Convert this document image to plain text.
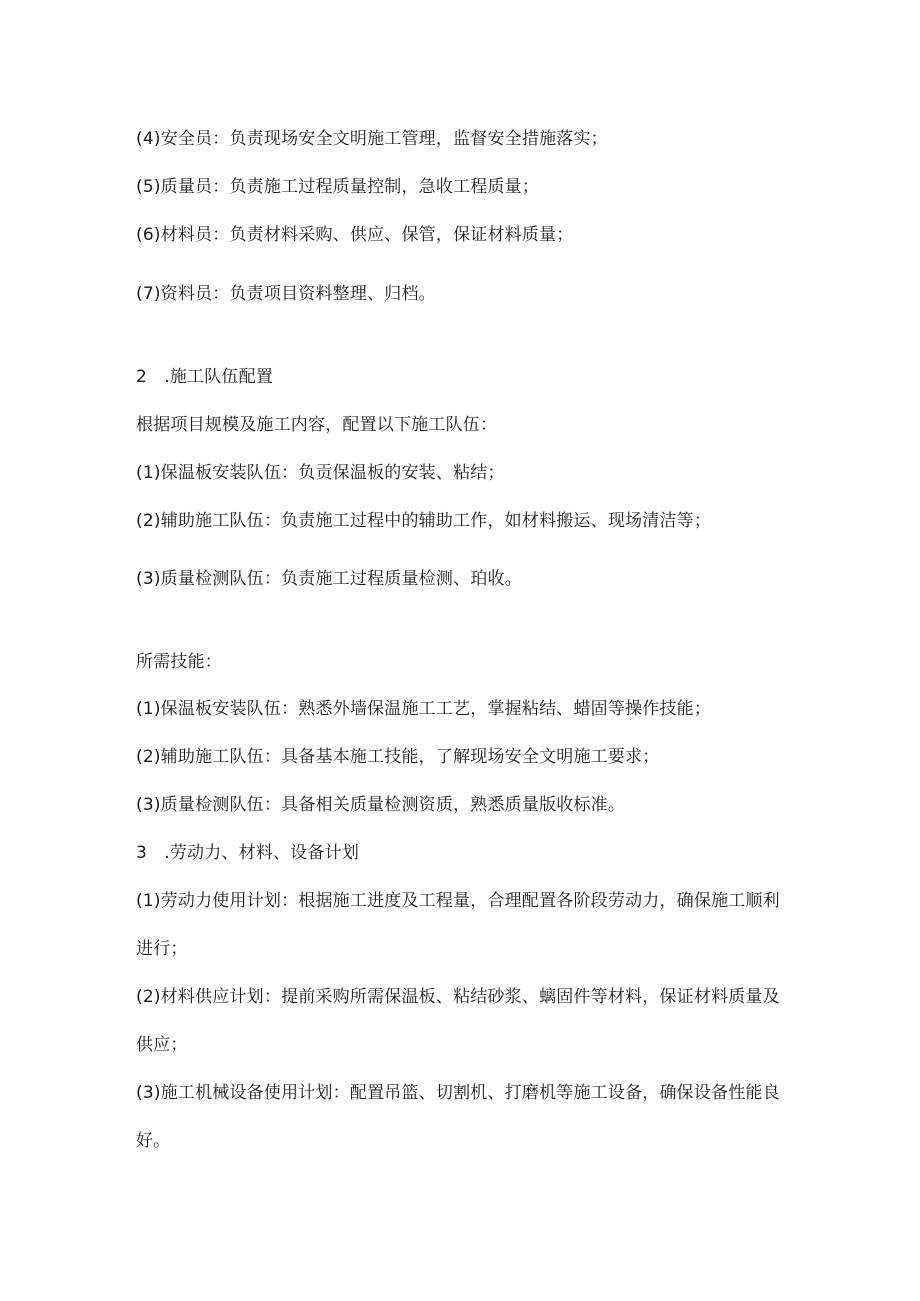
(4)安全员：负责现场安全文明施工管理，监督安全措施落实；
(5)质量员：负责施工过程质量控制，急收工程质量；
(6)材料员：负责材料采购、供应、保管，保证材料质量；
(7)资料员：负责项目资料整理、归档。
2 .施工队伍配置
根据项目规模及施工内容，配置以下施工队伍：
(1)保温板安装队伍：负贡保温板的安装、粘结；
(2)辅助施工队伍：负责施工过程中的辅助工作，如材料搬运、现场清洁等；
(3)质量检测队伍：负责施工过程质量检测、珀收。
所需技能：
(1)保温板安装队伍：熟悉外墙保温施工工艺，掌握粘结、蜡固等操作技能；
(2)辅助施工队伍：具备基本施工技能，了解现场安全文明施工要求；
(3)质量检测队伍：具备相关质量检测资质，熟悉质量版收标准。
3 .劳动力、材料、设备计划
(1)劳动力使用计划：根据施工进度及工程量，合理配置各阶段劳动力，确保施工顺利
进行；
(2)材料供应计划：提前采购所需保温板、粘结砂浆、螭固件等材料，保证材料质量及
供应；
(3)施工机械设备使用计划：配置吊篮、切割机、打磨机等施工设备，确保设备性能良
好。
